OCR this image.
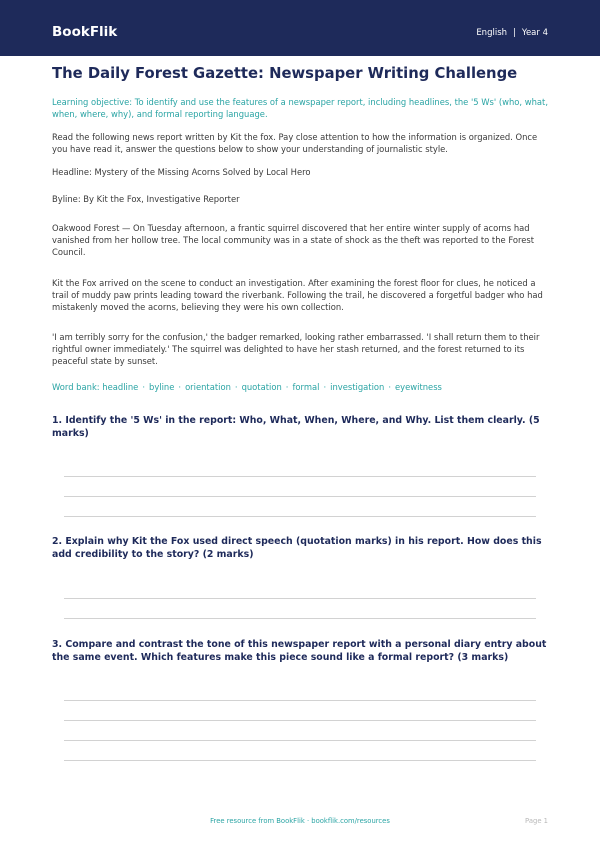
BookFlik	English | Year 4
The Daily Forest Gazette: Newspaper Writing Challenge
Learning objective: To identify and use the features of a newspaper report, including headlines, the '5 Ws' (who, what, when, where, why), and formal reporting language.
Read the following news report written by Kit the fox. Pay close attention to how the information is organized. Once you have read it, answer the questions below to show your understanding of journalistic style.
Headline: Mystery of the Missing Acorns Solved by Local Hero
Byline: By Kit the Fox, Investigative Reporter
Oakwood Forest — On Tuesday afternoon, a frantic squirrel discovered that her entire winter supply of acorns had vanished from her hollow tree. The local community was in a state of shock as the theft was reported to the Forest Council.
Kit the Fox arrived on the scene to conduct an investigation. After examining the forest floor for clues, he noticed a trail of muddy paw prints leading toward the riverbank. Following the trail, he discovered a forgetful badger who had mistakenly moved the acorns, believing they were his own collection.
'I am terribly sorry for the confusion,' the badger remarked, looking rather embarrassed. 'I shall return them to their rightful owner immediately.' The squirrel was delighted to have her stash returned, and the forest returned to its peaceful state by sunset.
Word bank: headline · byline · orientation · quotation · formal · investigation · eyewitness
1. Identify the '5 Ws' in the report: Who, What, When, Where, and Why. List them clearly. (5 marks)
2. Explain why Kit the Fox used direct speech (quotation marks) in his report. How does this add credibility to the story? (2 marks)
3. Compare and contrast the tone of this newspaper report with a personal diary entry about the same event. Which features make this piece sound like a formal report? (3 marks)
Free resource from BookFlik · bookflik.com/resources	Page 1
